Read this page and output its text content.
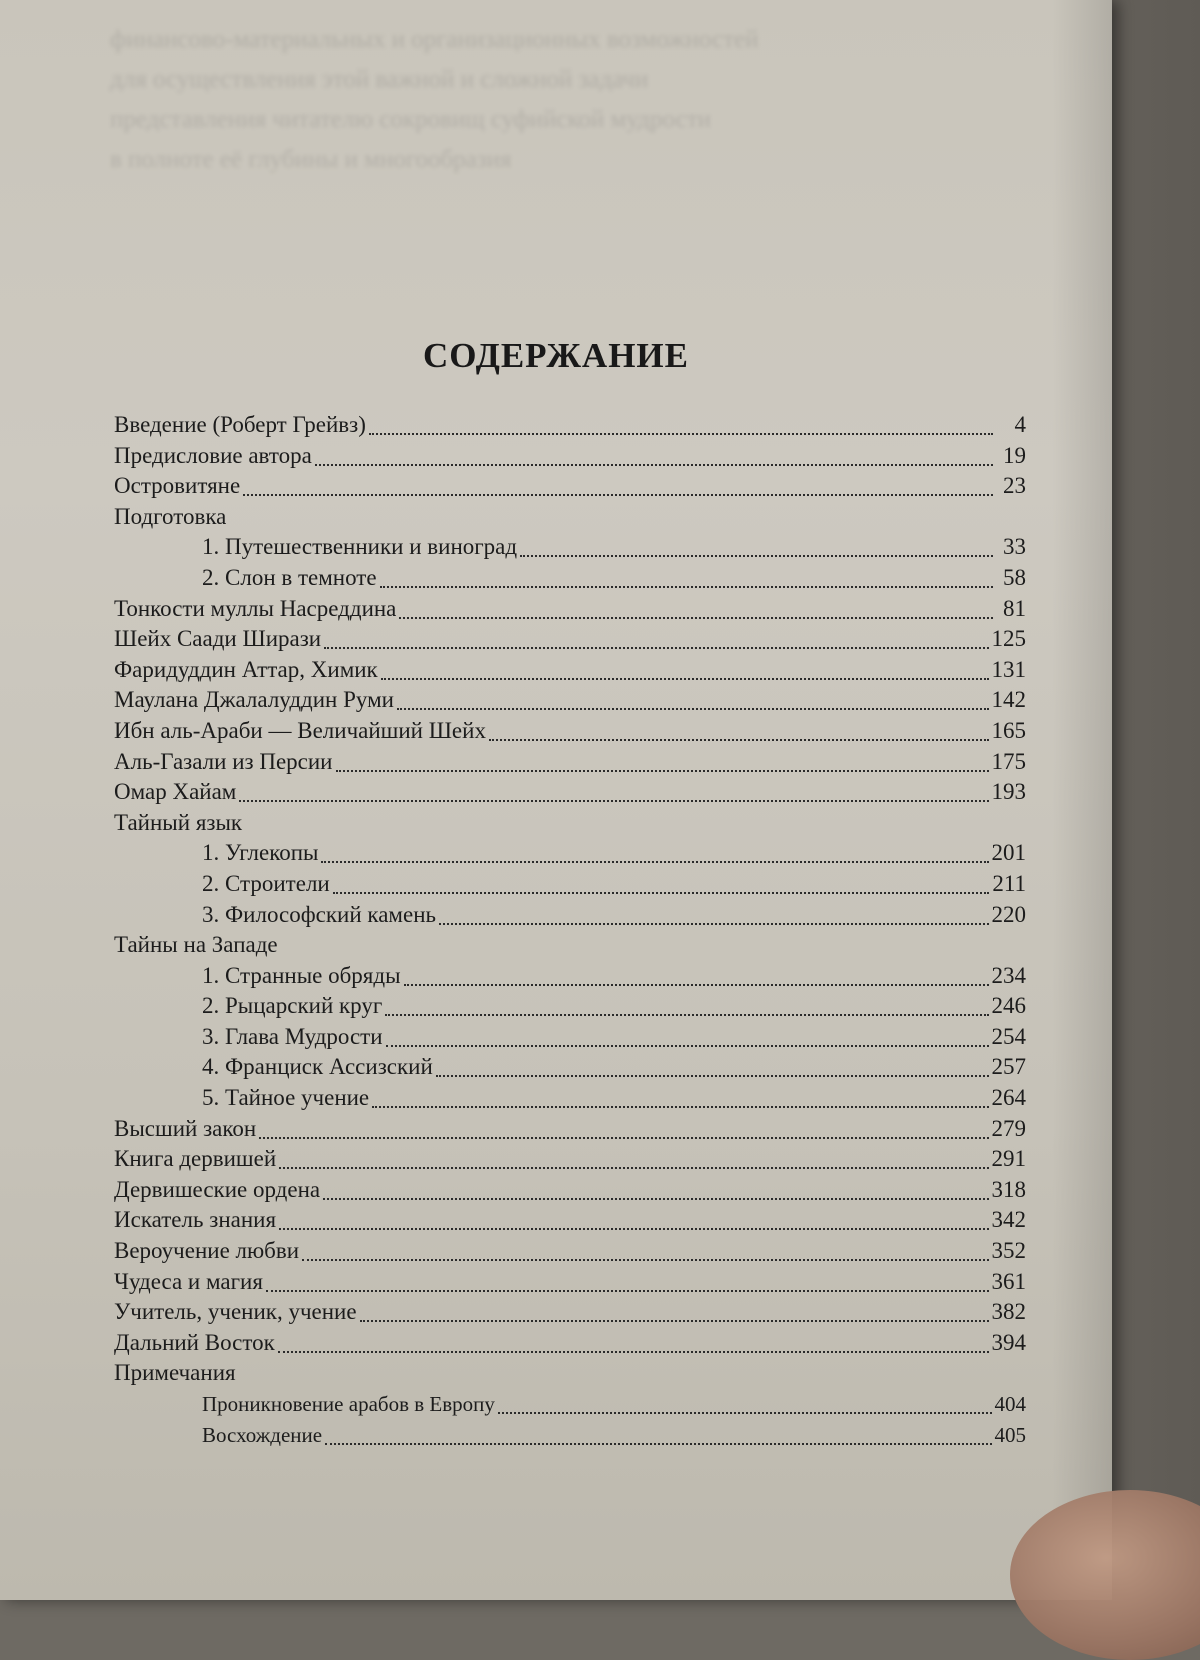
финансово-материальных и организационных возможностей
для осуществления этой важной и сложной задачи
представления читателю сокровищ суфийской мудрости
в полноте её глубины и многообразия
СОДЕРЖАНИЕ
Введение (Роберт Грейвз)	4
Предисловие автора	19
Островитяне	23
Подготовка
1. Путешественники и виноград	33
2. Слон в темноте	58
Тонкости муллы Насреддина	81
Шейх Саади Ширази	125
Фаридуддин Аттар, Химик	131
Маулана Джалалуддин Руми	142
Ибн аль-Араби — Величайший Шейх	165
Аль-Газали из Персии	175
Омар Хайам	193
Тайный язык
1. Углекопы	201
2. Строители	211
3. Философский камень	220
Тайны на Западе
1. Странные обряды	234
2. Рыцарский круг	246
3. Глава Мудрости	254
4. Франциск Ассизский	257
5. Тайное учение	264
Высший закон	279
Книга дервишей	291
Дервишеские ордена	318
Искатель знания	342
Вероучение любви	352
Чудеса и магия	361
Учитель, ученик, учение	382
Дальний Восток	394
Примечания
Проникновение арабов в Европу	404
Восхождение	405
